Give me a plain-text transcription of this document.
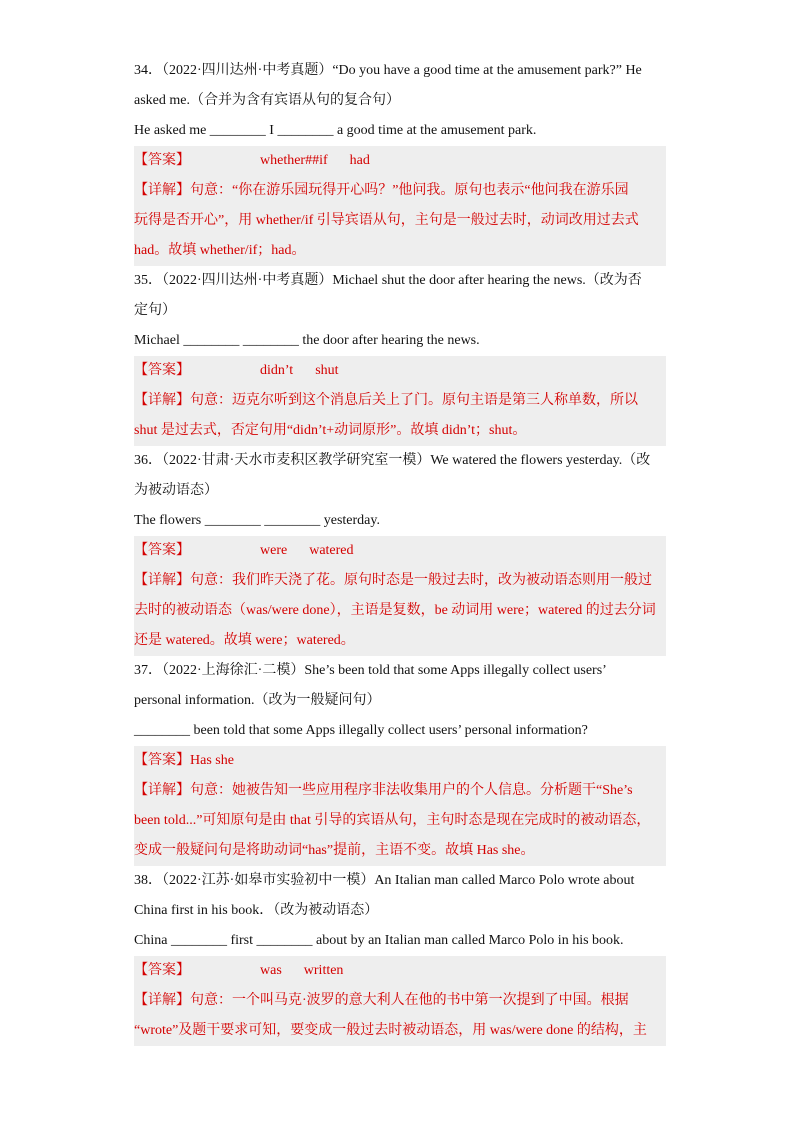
34．（2022·四川达州·中考真题）“Do you have a good time at the amusement park?” He
asked me.（合并为含有宾语从句的复合句）
He asked me ________ I ________ a good time at the amusement park.
【答案】	whether##if had
【详解】句意：“你在游乐园玩得开心吗？”他问我。原句也表示“他问我在游乐园
玩得是否开心”，用 whether/if 引导宾语从句，主句是一般过去时，动词改用过去式
had。故填 whether/if；had。
35．（2022·四川达州·中考真题）Michael shut the door after hearing the news.（改为否
定句）
Michael ________ ________ the door after hearing the news.
【答案】	didn’t shut
【详解】句意：迈克尔听到这个消息后关上了门。原句主语是第三人称单数，所以
shut 是过去式，否定句用“didn’t+动词原形”。故填 didn’t；shut。
36．（2022·甘肃·天水市麦积区教学研究室一模）We watered the flowers yesterday.（改
为被动语态）
The flowers ________ ________ yesterday.
【答案】	were watered
【详解】句意：我们昨天浇了花。原句时态是一般过去时，改为被动语态则用一般过
去时的被动语态（was/were done），主语是复数，be 动词用 were；watered 的过去分词
还是 watered。故填 were；watered。
37．（2022·上海徐汇·二模）She’s been told that some Apps illegally collect users’
personal information.（改为一般疑问句）
________ been told that some Apps illegally collect users’ personal information?
【答案】Has she
【详解】句意：她被告知一些应用程序非法收集用户的个人信息。分析题干“She’s
been told...”可知原句是由 that 引导的宾语从句，主句时态是现在完成时的被动语态，
变成一般疑问句是将助动词“has”提前，主语不变。故填 Has she。
38．（2022·江苏·如皋市实验初中一模）An Italian man called Marco Polo wrote about
China first in his book．（改为被动语态）
China ________ first ________ about by an Italian man called Marco Polo in his book.
【答案】	was written
【详解】句意：一个叫马克·波罗的意大利人在他的书中第一次提到了中国。根据
“wrote”及题干要求可知，要变成一般过去时被动语态，用 was/were done 的结构，主
